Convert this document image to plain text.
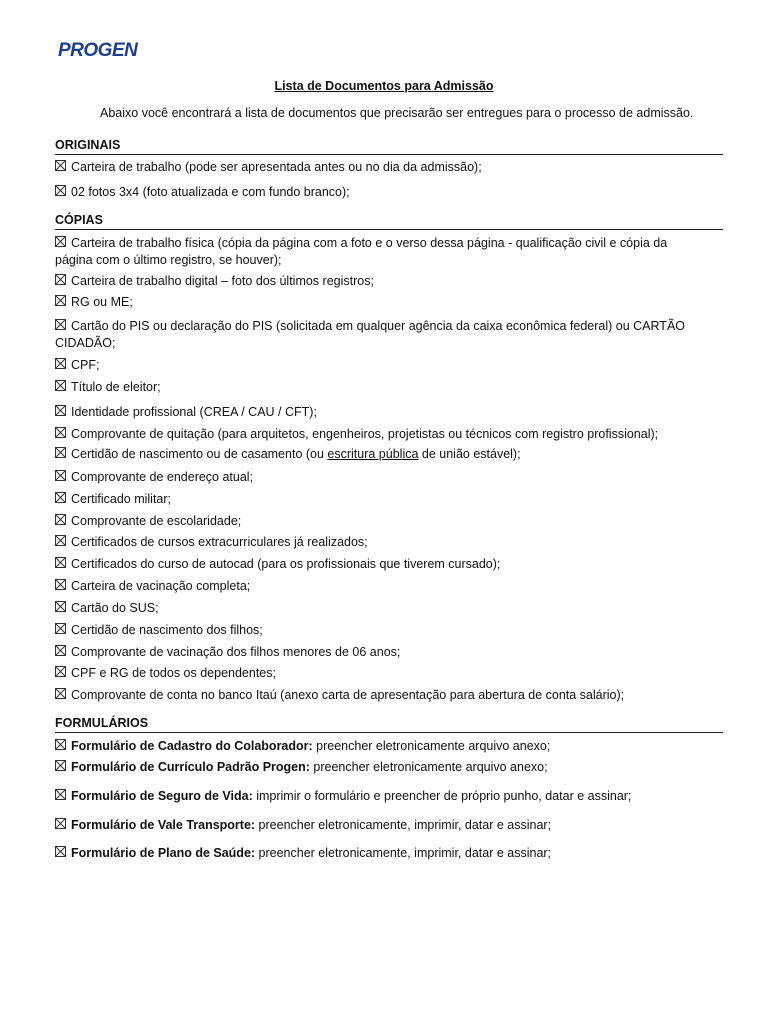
PROGEN
Lista de Documentos para Admissão
Abaixo você encontrará a lista de documentos que precisarão ser entregues para o processo de admissão.
ORIGINAIS
Carteira de trabalho (pode ser apresentada antes ou no dia da admissão);
02 fotos 3x4 (foto atualizada e com fundo branco);
CÓPIAS
Carteira de trabalho física (cópia da página com a foto e o verso dessa página - qualificação civil e cópia da
página com o último registro, se houver);
Carteira de trabalho digital – foto dos últimos registros;
RG ou ME;
Cartão do PIS ou declaração do PIS (solicitada em qualquer agência da caixa econômica federal) ou CARTÃO
CIDADÃO;
CPF;
Título de eleitor;
Identidade profissional (CREA / CAU / CFT);
Comprovante de quitação (para arquitetos, engenheiros, projetistas ou técnicos com registro profissional);
Certidão de nascimento ou de casamento (ou escritura pública de união estável);
Comprovante de endereço atual;
Certificado militar;
Comprovante de escolaridade;
Certificados de cursos extracurriculares já realizados;
Certificados do curso de autocad (para os profissionais que tiverem cursado);
Carteira de vacinação completa;
Cartão do SUS;
Certidão de nascimento dos filhos;
Comprovante de vacinação dos filhos menores de 06 anos;
CPF e RG de todos os dependentes;
Comprovante de conta no banco Itaú (anexo carta de apresentação para abertura de conta salário);
FORMULÁRIOS
Formulário de Cadastro do Colaborador: preencher eletronicamente arquivo anexo;
Formulário de Currículo Padrão Progen: preencher eletronicamente arquivo anexo;
Formulário de Seguro de Vida: imprimir o formulário e preencher de próprio punho, datar e assinar;
Formulário de Vale Transporte: preencher eletronicamente, imprimir, datar e assinar;
Formulário de Plano de Saúde: preencher eletronicamente, imprimir, datar e assinar;
